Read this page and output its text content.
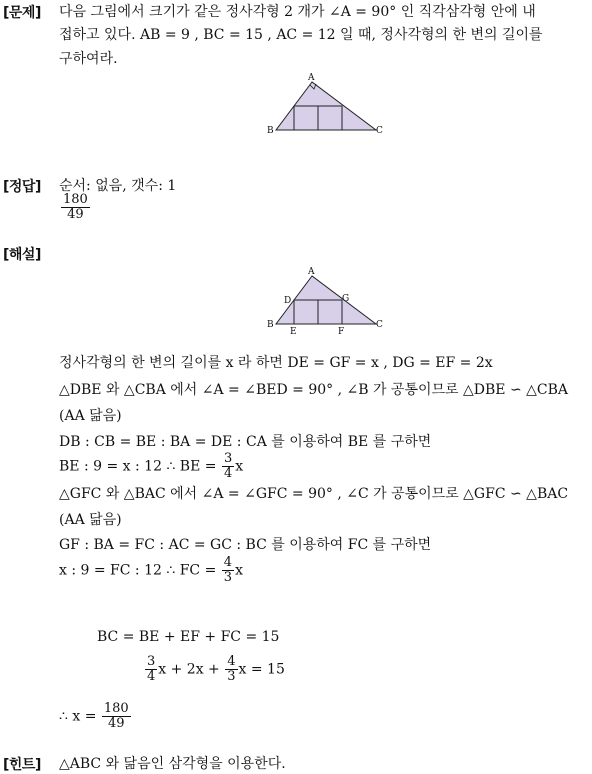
[문제] 다음 그림에서 크기가 같은 정사각형 2 개가 ∠A = 90° 인 직각삼각형 안에 내
접하고 있다. AB = 9 , BC = 15 , AC = 12 일 때, 정사각형의 한 변의 길이를
구하여라.
A
B	C
[정답] 순서: 없음, 갯수: 1
$\frac{180}{49}$
[해설]
A
B	C
D
E	F
G
정사각형의 한 변의 길이를 x 라 하면 DE = GF = x , DG = EF = 2x
△DBE 와 △CBA 에서 ∠A = ∠BED = 90° , ∠B 가 공통이므로 △DBE ∽ △CBA
(AA 닮음)
DB : CB = BE : BA = DE : CA 를 이용하여 BE 를 구하면
BE : 9 = x : 12 ∴ BE = $\frac{3}{4}$ x
△GFC 와 △BAC 에서 ∠A = ∠GFC = 90° , ∠C 가 공통이므로 △GFC ∽ △BAC
(AA 닮음)
GF : BA = FC : AC = GC : BC 를 이용하여 FC 를 구하면
x : 9 = FC : 12 ∴ FC = $\frac{4}{3}$ x
BC = BE + EF + FC = 15
$\frac{3}{4}$ $x + 2x + \frac{4}{3}$ x = 15
∴ $x = \frac{180}{49}$
[힌트] △ABC 와 닮음인 삼각형을 이용한다.
